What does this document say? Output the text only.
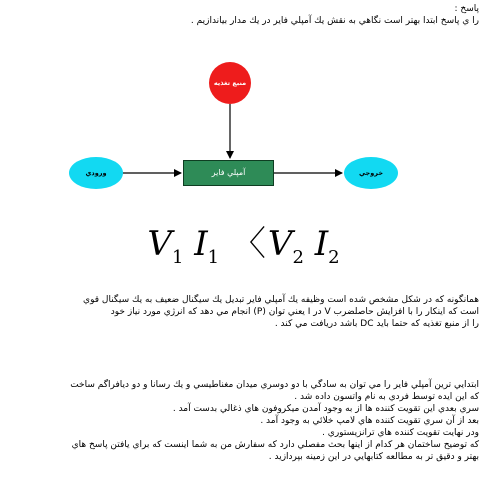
پاسخ :
را ي پاسخ ابتدا بهتر است نگاهي به نقش يك آمپلي فاير در يك مدار بياندازيم .
منبع تغذيه
ورودي	آمپلي فاير	خروجي
$V_1$ $I_1$ 〈$V_2$ $I_2$
همانگونه كه در شكل مشخص شده است وظيفه يك آمپلي فاير تبديل يك سيگنال ضعيف به يك سيگنال قوي
است كه اينكار را با افزايش حاصلضرب V در I يعني توان (P) انجام مي دهد كه انرژي مورد نياز خود
را از منبع تغذيه كه حتما بايد DC باشد دريافت مي كند .
ابتدايي ترين آمپلي فاير را مي توان به سادگي با دو دوسري ميدان مغناطيسي و يك رسانا و دو ديافراگم ساخت
كه اين ايده توسط فردي به نام واتسون داده شد .
سري بعدي اين تقويت كننده ها از به وجود آمدن ميكروفون هاي ذغالي بدست آمد .
بعد از آن سري تقويت كننده هاي لامپ خلائي به وجود آمد .
ودر نهايت تقويت كننده هاي ترانزيستوري .
كه توضيح ساختمان هر كدام از اينها بحث مفصلي دارد كه سفارش من به شما اينست كه براي يافتن پاسخ هاي
بهتر و دقيق تر به مطالعه كتابهايي در اين زمينه بپردازيد .
